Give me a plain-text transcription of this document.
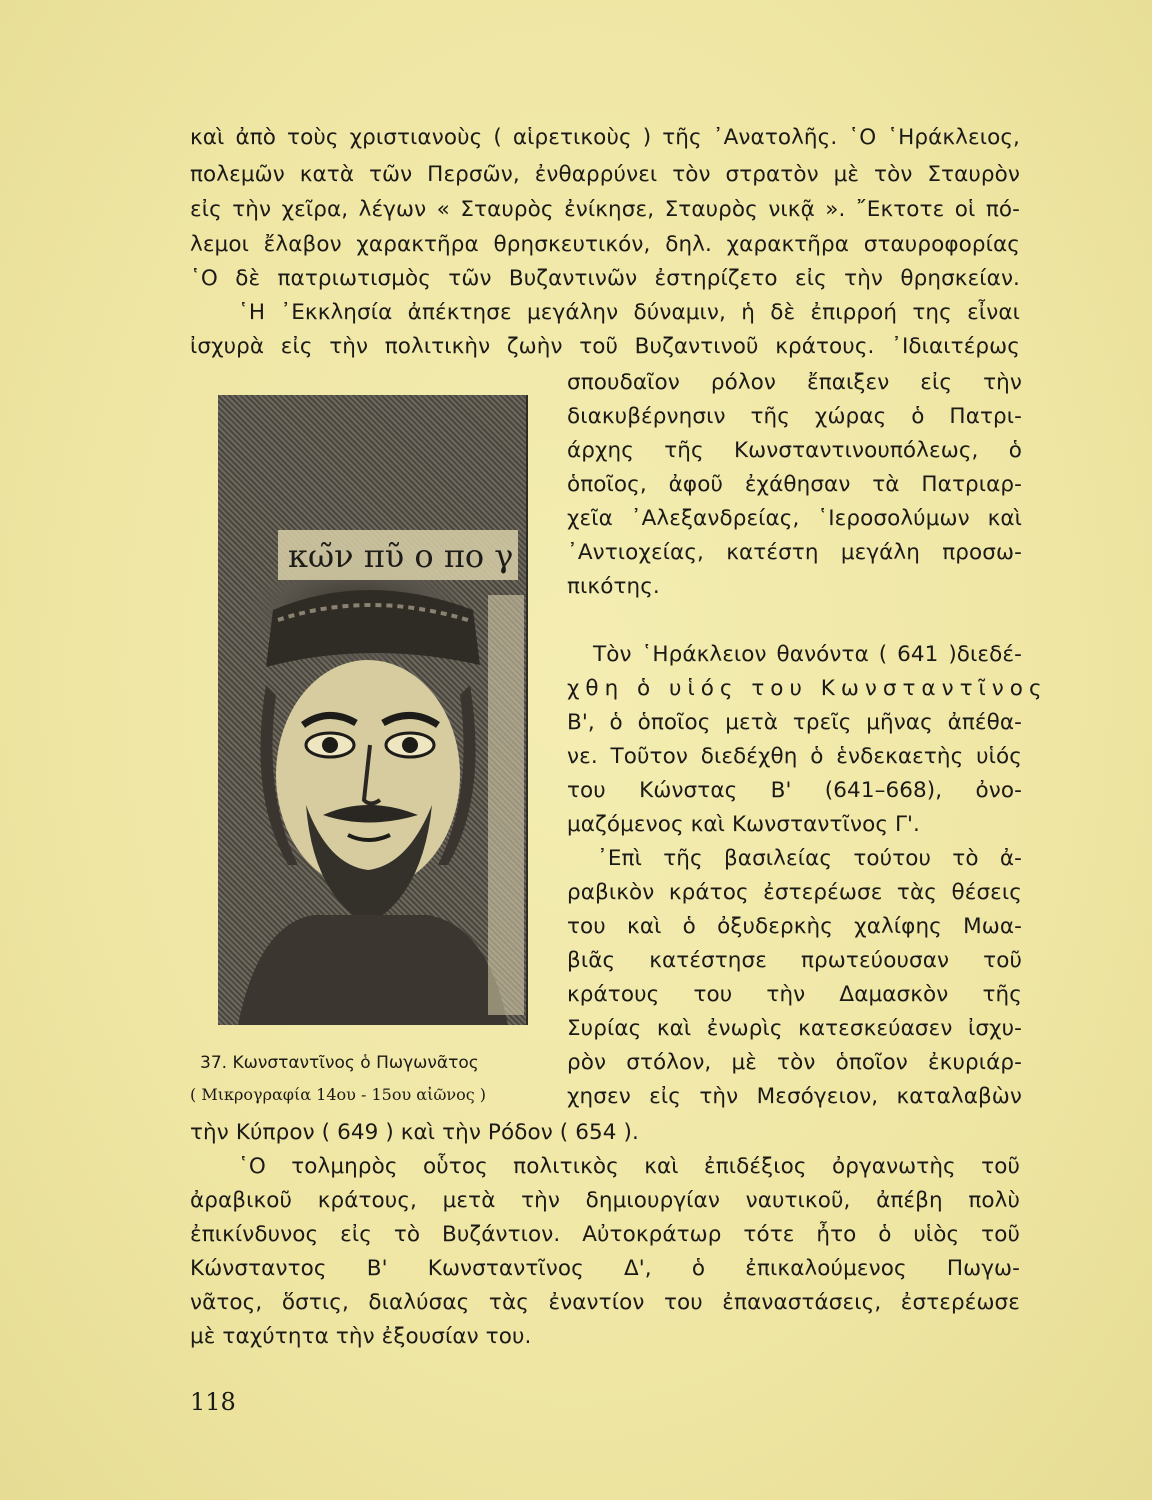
καὶ ἀπὸ τοὺς χριστιανοὺς ( αἱρετικοὺς ) τῆς ᾿Ανατολῆς. ῾Ο ῾Ηράκλειος,
πολεμῶν κατὰ τῶν Περσῶν, ἐνθαρρύνει τὸν στρατὸν μὲ τὸν Σταυρὸν
εἰς τὴν χεῖρα, λέγων « Σταυρὸς ἐνίκησε, Σταυρὸς νικᾷ ». ῎Εκτοτε οἱ πό-
λεμοι ἔλαβον χαρακτῆρα θρησκευτικόν, δηλ. χαρακτῆρα σταυροφορίας
῾Ο δὲ πατριωτισμὸς τῶν Βυζαντινῶν ἐστηρίζετο εἰς τὴν θρησκείαν.
῾Η ᾿Εκκλησία ἀπέκτησε μεγάλην δύναμιν, ἡ δὲ ἐπιρροή της εἶναι
ἰσχυρὰ εἰς τὴν πολιτικὴν ζωὴν τοῦ Βυζαντινοῦ κράτους. ᾿Ιδιαιτέρως
σπουδαῖον ρόλον ἔπαιξεν εἰς τὴν
διακυβέρνησιν τῆς χώρας ὁ Πατρι-
άρχης τῆς Κωνσταντινουπόλεως, ὁ
ὁποῖος, ἀφοῦ ἐχάθησαν τὰ Πατριαρ-
χεῖα ᾿Αλεξανδρείας, ῾Ιεροσολύμων καὶ
᾿Αντιοχείας, κατέστη μεγάλη προσω-
πικότης.
Τὸν ῾Ηράκλειον θανόντα ( 641 )διεδέ-
χθη ὁ υἱός του Κωνσταντῖνος
Β', ὁ ὁποῖος μετὰ τρεῖς μῆνας ἀπέθα-
νε. Τοῦτον διεδέχθη ὁ ἑνδεκαετὴς υἱός
του Κώνστας Β' (641–668), ὀνο-
μαζόμενος καὶ Κωνσταντῖνος Γ'.
᾿Επὶ τῆς βασιλείας τούτου τὸ ἀ-
ραβικὸν κράτος ἐστερέωσε τὰς θέσεις
του καὶ ὁ ὀξυδερκὴς χαλίφης Μωα-
βιᾶς κατέστησε πρωτεύουσαν τοῦ
κράτους του τὴν Δαμασκὸν τῆς
Συρίας καὶ ἐνωρὶς κατεσκεύασεν ἰσχυ-
ρὸν στόλον, μὲ τὸν ὁποῖον ἐκυριάρ-
χησεν εἰς τὴν Μεσόγειον, καταλαβὼν
κω̃ν πῦ ο πο γ
37. Κωνσταντῖνος ὁ Πωγωνᾶτος
( Μικρογραφία 14ου - 15ου αἰῶνος )
τὴν Κύπρον ( 649 ) καὶ τὴν Ρόδον ( 654 ).
῾Ο τολμηρὸς οὗτος πολιτικὸς καὶ ἐπιδέξιος ὀργανωτὴς τοῦ
ἀραβικοῦ κράτους, μετὰ τὴν δημιουργίαν ναυτικοῦ, ἀπέβη πολὺ
ἐπικίνδυνος εἰς τὸ Βυζάντιον. Αὐτοκράτωρ τότε ἦτο ὁ υἱὸς τοῦ
Κώνσταντος Β' Κωνσταντῖνος Δ', ὁ ἐπικαλούμενος Πωγω-
νᾶτος, ὅστις, διαλύσας τὰς ἐναντίον του ἐπαναστάσεις, ἐστερέωσε
μὲ ταχύτητα τὴν ἐξουσίαν του.
118
